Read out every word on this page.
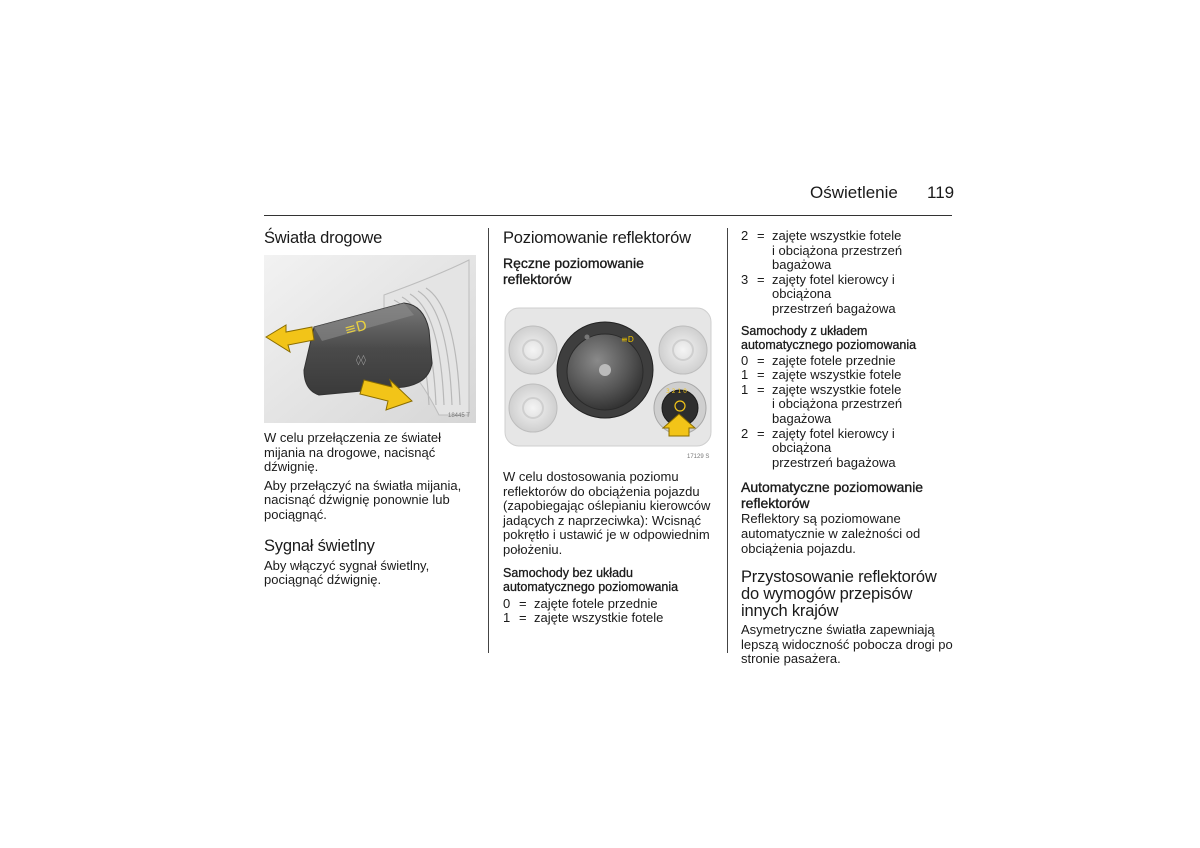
Oświetlenie 119
Światła drogowe
≡D
◊◊
18445 T

W celu przełączenia ze świateł
mijania na drogowe, nacisnąć
dźwignię.

Aby przełączyć na światła mijania,
nacisnąć dźwignię ponownie lub
pociągnąć.

Sygnał świetlny

Aby włączyć sygnał świetlny,
pociągnąć dźwignię.

Poziomowanie reflektorów
Ręczne poziomowanie
reflektorów
≡D
3 2 1 0
17129 S

W celu dostosowania poziomu
reflektorów do obciążenia pojazdu
(zapobiegając oślepianiu kierowców
jadących z naprzeciwka): Wcisnąć
pokrętło i ustawić je w odpowiednim
położeniu.

Samochody bez układu
automatycznego poziomowania
0 = zajęte fotele przednie
1 = zajęte wszystkie fotele
2 = zajęte wszystkie fotele
i obciążona przestrzeń
bagażowa
3 = zajęty fotel kierowcy i obciążona
przestrzeń bagażowa
Samochody z układem
automatycznego poziomowania
0 = zajęte fotele przednie
1 = zajęte wszystkie fotele
1 = zajęte wszystkie fotele
i obciążona przestrzeń
bagażowa
2 = zajęty fotel kierowcy i obciążona
przestrzeń bagażowa
Automatyczne poziomowanie
reflektorów

Reflektory są poziomowane
automatycznie w zależności od
obciążenia pojazdu.

Przystosowanie reflektorów
do wymogów przepisów
innych krajów

Asymetryczne światła zapewniają
lepszą widoczność pobocza drogi po
stronie pasażera.
